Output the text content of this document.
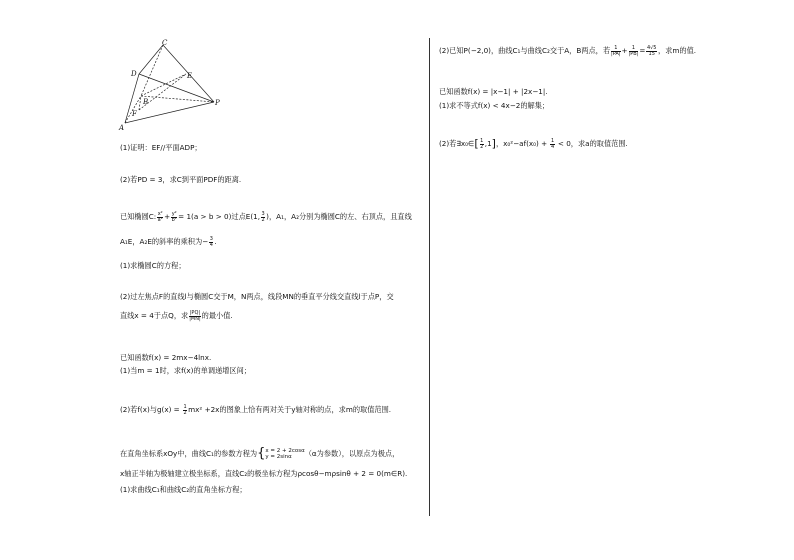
C
D	E
B
F
P
A
(1)证明：EF//平面ADP；
(2)若PD = 3，求C到平面PDF的距离.
已知椭圆C: $\frac{\text{x²}}{\text{a²}} + \frac{\text{y²}}{\text{b²}} = 1(a > b > 0)$过点E(1, $\frac{3}{2}$ )，A₁，A₂分别为椭圆C的左、右顶点，且直线
A₁E，A₂E的斜率的乘积为− $\frac{3}{4}$ .
(1)求椭圆C的方程；
(2)过左焦点F的直线l与椭圆C交于M，N两点，线段MN的垂直平分线交直线l于点P，交
直线x = 4于点Q，求 $\frac{|PQ|}{|MN|}$ 的最小值.
已知函数f(x) = 2mx−4lnx.
(1)当m = 1时，求f(x)的单调递增区间；
(2)若f(x)与$g(x) = \frac{1}{2} mx^2 +2x$的图象上恰有两对关于y轴对称的点，求m的取值范围.
在直角坐标系xOy中，曲线C₁的参数方程为{x = 2 + 2cosα
y = 2sinα （α为参数），以原点为极点，
x轴正半轴为极轴建立极坐标系，直线C₂的极坐标方程为ρcosθ−mρsinθ + 2 = 0(m∈R).
(1)求曲线C₁和曲线C₂的直角坐标方程；
(2)已知P(−2,0)，曲线C₁与曲线C₂交于A，B两点，若 $\frac{1}{|PA|} + \frac{1}{|PB|} = \frac{4√5}{15}$ ，求m的值.
已知函数f(x) = |x−1| + |2x−1|.
(1)求不等式f(x) < 4x−2的解集；
(2)若∃x₀∈[ $\frac{1}{2} ,1$]，$x_0^2-af(x_0) + \frac{1}{4} < 0$，求a的取值范围.
